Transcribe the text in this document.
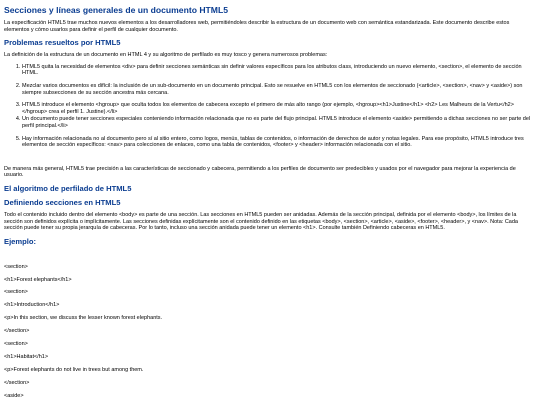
Secciones y líneas generales de un documento HTML5

La especificación HTML5 trae muchos nuevos elementos a los desarrolladores web, permitiéndoles describir la estructura de un documento web con semántica estandarizada. Este documento describe estos elementos y cómo usarlos para definir el perfil de cualquier documento.

Problemas resueltos por HTML5

La definición de la estructura de un documento en HTML 4 y su algoritmo de perfilado es muy tosco y genera numerosos problemas:

1. HTML5 quita la necesidad de elementos <div> para definir secciones semánticas sin definir valores específicos para los atributos class, introduciendo un nuevo elemento, <section>, el elemento de sección HTML.
2. Mezclar varios documentos es difícil: la inclusión de un sub-documento en un documento principal. Esto se resuelve en HTML5 con los elementos de seccionado (<article>, <section>, <nav> y <aside>) son siempre subsecciones de su sección ancestra más cercana.
3. HTML5 introduce el elemento <hgroup> que oculta todos los elementos de cabecera excepto el primero de más alto rango (por ejemplo, <hgroup><h1>Justine</h1> <h2> Les Malheurs de la Vertu</h2> </hgroup> crea el perfil 1. Justine).</li>
4. Un documento puede tener secciones especiales conteniendo información relacionada que no es parte del flujo principal. HTML5 introduce el elemento <aside> permitiendo a dichas secciones no ser parte del perfil principal.</li>
5. Hay información relacionada no al documento pero sí al sitio entero, como logos, menús, tablas de contenidos, o información de derechos de autor y notas legales. Para ese propósito, HTML5 introduce tres elementos de sección específicos: <nav> para colecciones de enlaces, como una tabla de contenidos, <footer> y <header> información relacionada con el sitio.

De manera más general, HTML5 trae precisión a las características de seccionado y cabecera, permitiendo a los perfiles de documento ser predecibles y usados por el navegador para mejorar la experiencia de usuario.

El algoritmo de perfilado de HTML5
Definiendo secciones en HTML5

Todo el contenido incluido dentro del elemento <body> es parte de una sección. Las secciones en HTML5 pueden ser anidadas. Además de la sección principal, definida por el elemento <body>, los límites de la sección son definidos explícita o implícitamente. Las secciones definidas explícitamente son el contenido definido en las etiquetas <body>, <section>, <article>, <aside>, <footer>, <header>, y <nav>. Nota: Cada sección puede tener su propia jerarquía de cabeceras. Por lo tanto, incluso una sección anidada puede tener un elemento <h1>. Consulte también Definiendo cabeceras en HTML5.

Ejemplo:

<section>

<h1>Forest elephants</h1>

<section>

<h1>Introduction</h1>

<p>In this section, we discuss the lesser known forest elephants.

</section>

<section>

<h1>Habitat</h1>

<p>Forest elephants do not live in trees but among them.

</section>

<aside>
